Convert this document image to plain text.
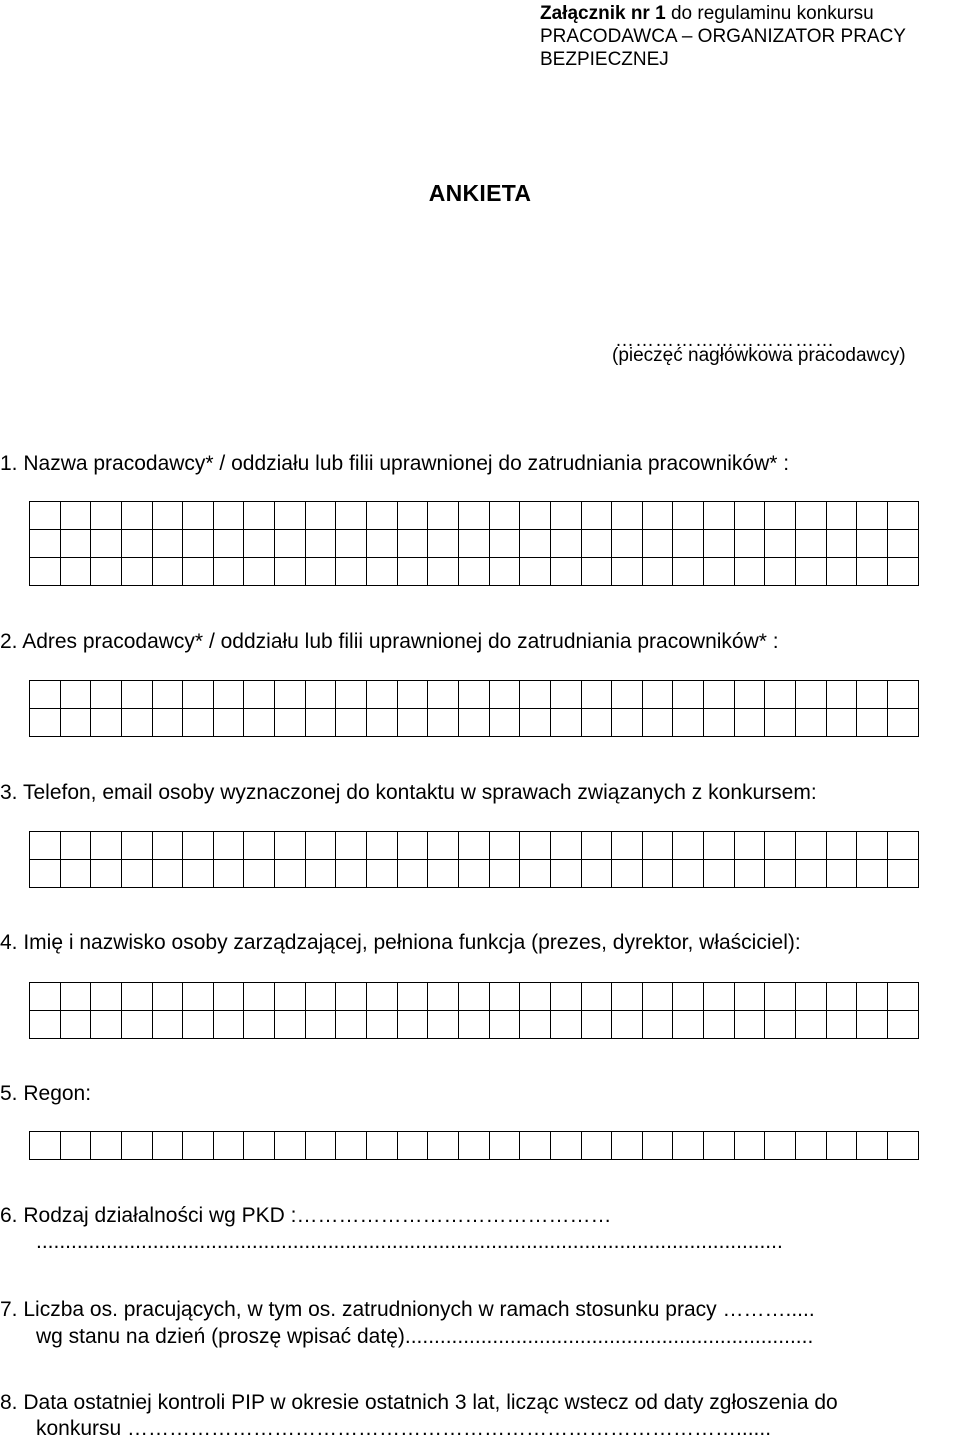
Załącznik nr 1 do regulaminu konkursu
PRACODAWCA – ORGANIZATOR PRACY
BEZPIECZNEJ
ANKIETA
……………………………
(pieczęć nagłówkowa pracodawcy)
1. Nazwa pracodawcy* / oddziału lub filii uprawnionej do zatrudniania pracowników* :
2. Adres pracodawcy* / oddziału lub filii uprawnionej do zatrudniania pracowników* :
3. Telefon, email osoby wyznaczonej do kontaktu w sprawach związanych z konkursem:
4. Imię i nazwisko osoby zarządzającej, pełniona funkcja (prezes, dyrektor, właściciel):
5. Regon:
6. Rodzaj działalności wg PKD :………………………………………
................................................................................................................................
7. Liczba os. pracujących, w tym os. zatrudnionych w ramach stosunku pracy ……….....
wg stanu na dzień (proszę wpisać datę)......................................................................
8. Data ostatniej kontroli PIP w okresie ostatnich 3 lat, licząc wstecz od daty zgłoszenia do
konkursu ……………………………………………………………………………......
